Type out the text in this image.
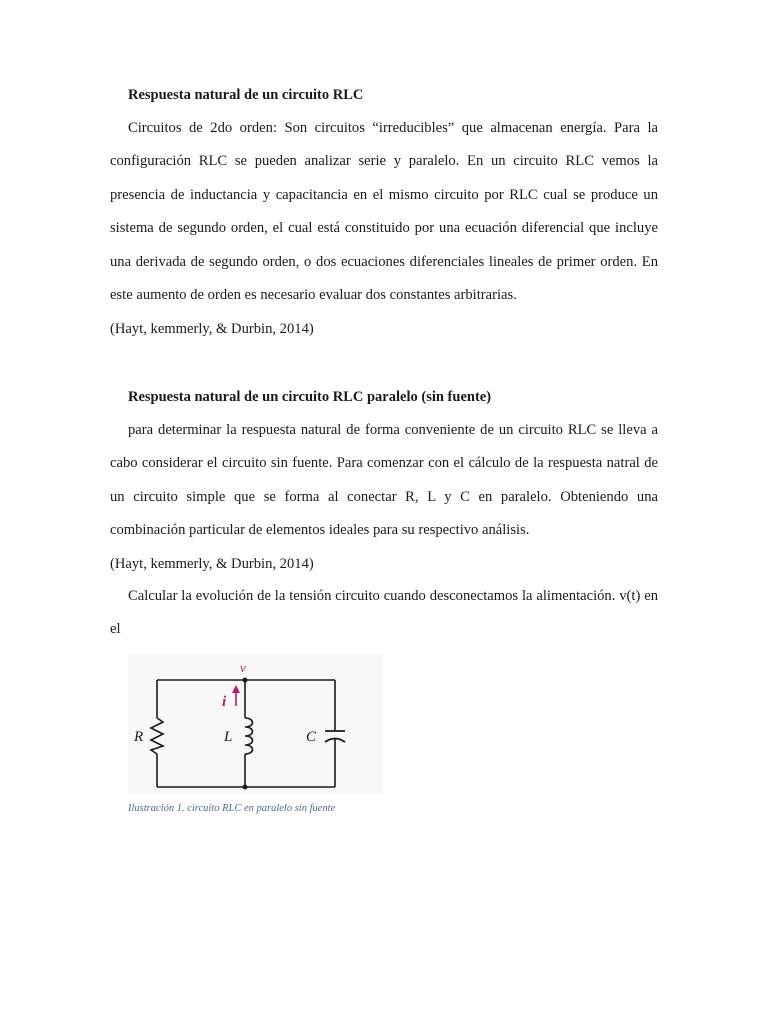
Respuesta natural de un circuito RLC
Circuitos de 2do orden: Son circuitos “irreducibles” que almacenan energía. Para la configuración RLC se pueden analizar serie y paralelo. En un circuito RLC vemos la presencia de inductancia y capacitancia en el mismo circuito por RLC cual se produce un sistema de segundo orden, el cual está constituido por una ecuación diferencial que incluye una derivada de segundo orden, o dos ecuaciones diferenciales lineales de primer orden. En este aumento de orden es necesario evaluar dos constantes arbitrarias.
(Hayt, kemmerly, & Durbin, 2014)
Respuesta natural de un circuito RLC paralelo (sin fuente)
para determinar la respuesta natural de forma conveniente de un circuito RLC se lleva a cabo considerar el circuito sin fuente. Para comenzar con el cálculo de la respuesta natral de un circuito simple que se forma al conectar R, L y C en paralelo. Obteniendo una combinación particular de elementos ideales para su respectivo análisis.
(Hayt, kemmerly, & Durbin, 2014)
Calcular la evolución de la tensión circuito cuando desconectamos la alimentación. v(t) en el
v
i
R	L	C
Ilustración 1. circuito RLC en paralelo sin fuente
